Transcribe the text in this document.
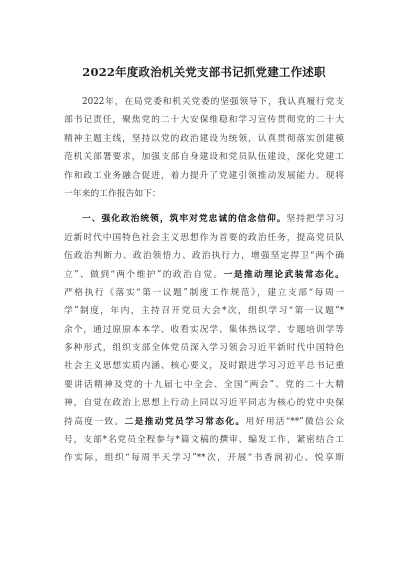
2022年度政治机关党支部书记抓党建工作述职
2022年，在局党委和机关党委的坚强领导下，我认真履行党支
部书记责任，聚焦党的二十大安保维稳和学习宣传贯彻党的二十大
精神主题主线，坚持以党的政治建设为统领，认真贯彻落实创建模
范机关部署要求，加强支部自身建设和党员队伍建设，深化党建工
作和政工业务融合促进，着力提升了党建引领推动发展能力。现将
一年来的工作报告如下：
一、强化政治统领，筑牢对党忠诚的信念信仰。坚持把学习习
近新时代中国特色社会主义思想作为首要的政治任务，提高党员队
伍政治判断力、政治领悟力、政治执行力，增强坚定捍卫“两个确
立”、做到“两个维护”的政治自觉。一是推动理论武装常态化。
严格执行《落实“第一议题”制度工作规范》，建立支部“每周一
学”制度，年内，主持召开党员大会*次，组织学习“第一议题”*
余个，通过原原本本学、收看实况学、集体热议学、专题培训学等
多种形式，组织支部全体党员深入学习领会习近平新时代中国特色
社会主义思想实质内涵、核心要义，及时跟进学习习近平总书记重
要讲话精神及党的十九届七中全会、全国“两会”、党的二十大精
神，自觉在政治上思想上行动上同以习近平同志为核心的党中央保
持高度一致。二是推动党员学习常态化。用好用活“**”微信公众
号，支部*名党员全程参与*篇文稿的撰审、编发工作，紧密结合工
作实际，组织“每周半天学习”**次，开展“书香润初心、悦享斯
